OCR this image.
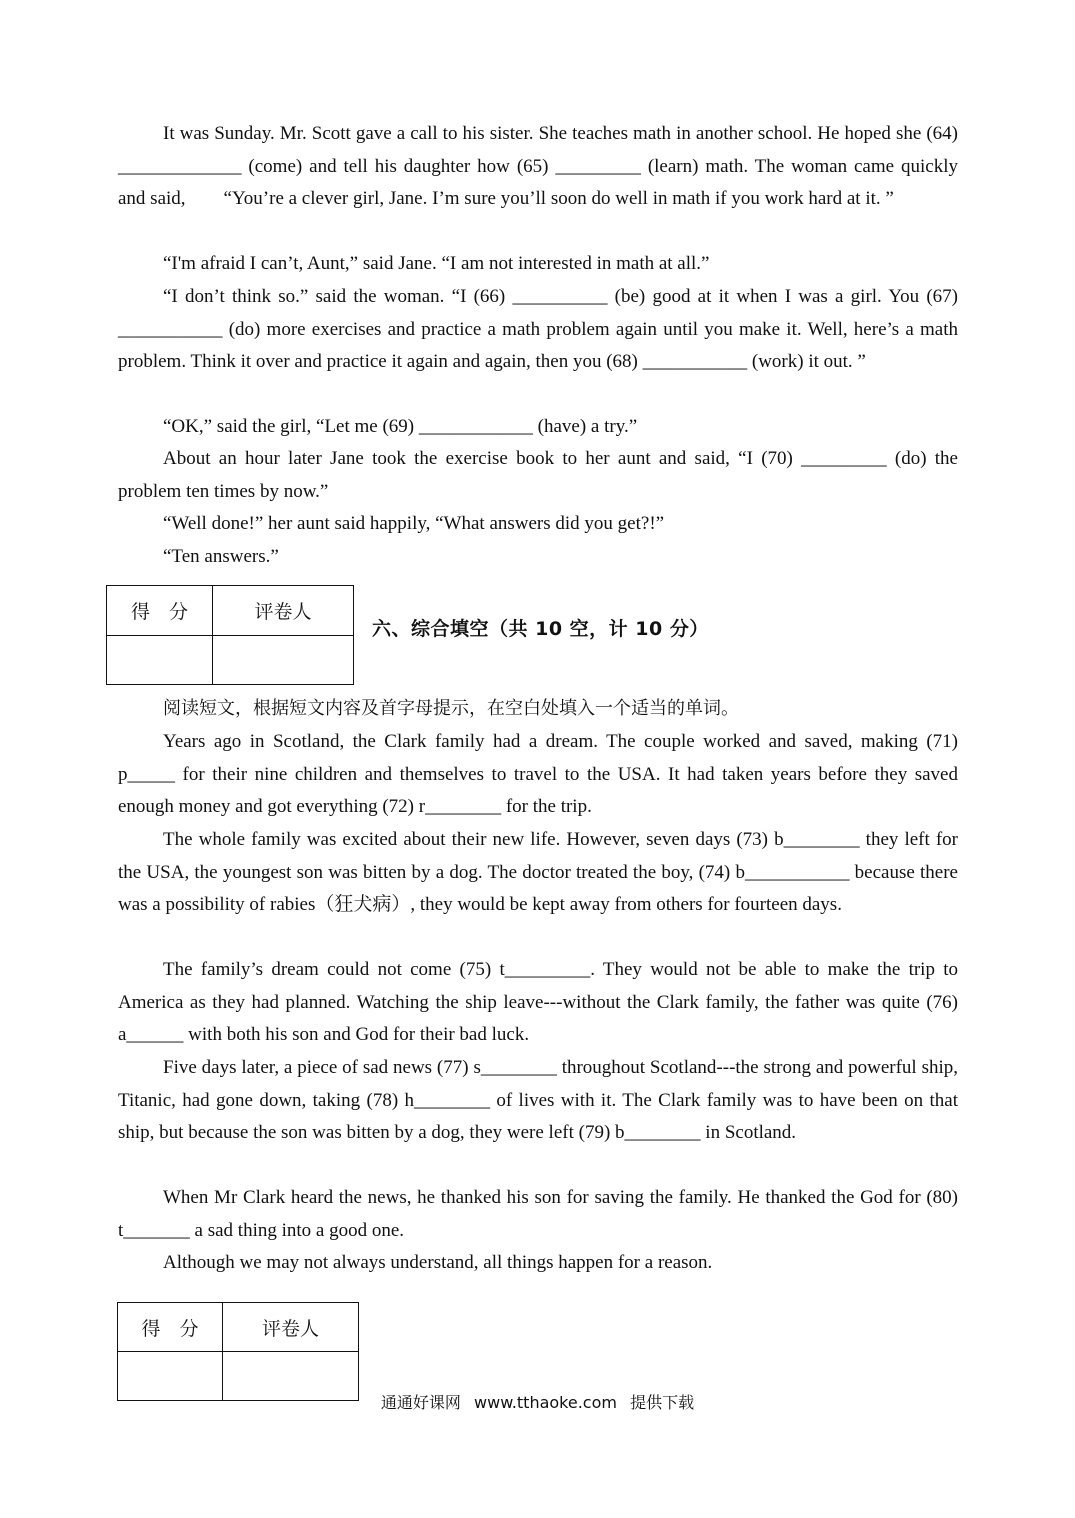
It was Sunday. Mr. Scott gave a call to his sister. She teaches math in another school. He hoped she (64) _____________ (come) and tell his daughter how (65) _________ (learn) math. The woman came quickly and said,        “You’re a clever girl, Jane. I’m sure you’ll soon do well in math if you work hard at it. ”

“I'm afraid I can’t, Aunt,” said Jane. “I am not interested in math at all.”

“I don’t think so.” said the woman. “I (66) __________ (be) good at it when I was a girl. You (67) ___________ (do) more exercises and practice a math problem again until you make it. Well, here’s a math problem. Think it over and practice it again and again, then you (68) ___________ (work) it out. ”

“OK,” said the girl, “Let me (69) ____________ (have) a try.”

About an hour later Jane took the exercise book to her aunt and said, “I (70) _________ (do) the problem ten times by now.”

“Well done!” her aunt said happily, “What answers did you get?!”

“Ten answers.”

得　分	评卷人

六、综合填空（共 10 空，计 10 分）

阅读短文，根据短文内容及首字母提示，在空白处填入一个适当的单词。

Years ago in Scotland, the Clark family had a dream. The couple worked and saved, making (71) p_____ for their nine children and themselves to travel to the USA. It had taken years before they saved enough money and got everything (72) r________ for the trip.

The whole family was excited about their new life. However, seven days (73) b________ they left for the USA, the youngest son was bitten by a dog. The doctor treated the boy, (74) b___________ because there was a possibility of rabies（狂犬病）, they would be kept away from others for fourteen days.

The family’s dream could not come (75) t_________. They would not be able to make the trip to America as they had planned. Watching the ship leave---without the Clark family, the father was quite (76) a______ with both his son and God for their bad luck.

Five days later, a piece of sad news (77) s________ throughout Scotland---the strong and powerful ship, Titanic, had gone down, taking (78) h________ of lives with it. The Clark family was to have been on that ship, but because the son was bitten by a dog, they were left (79) b________ in Scotland.

When Mr Clark heard the news, he thanked his son for saving the family. He thanked the God for (80) t_______ a sad thing into a good one.

Although we may not always understand, all things happen for a reason.

得　分	评卷人

通通好课网 www.tthaoke.com 提供下载
